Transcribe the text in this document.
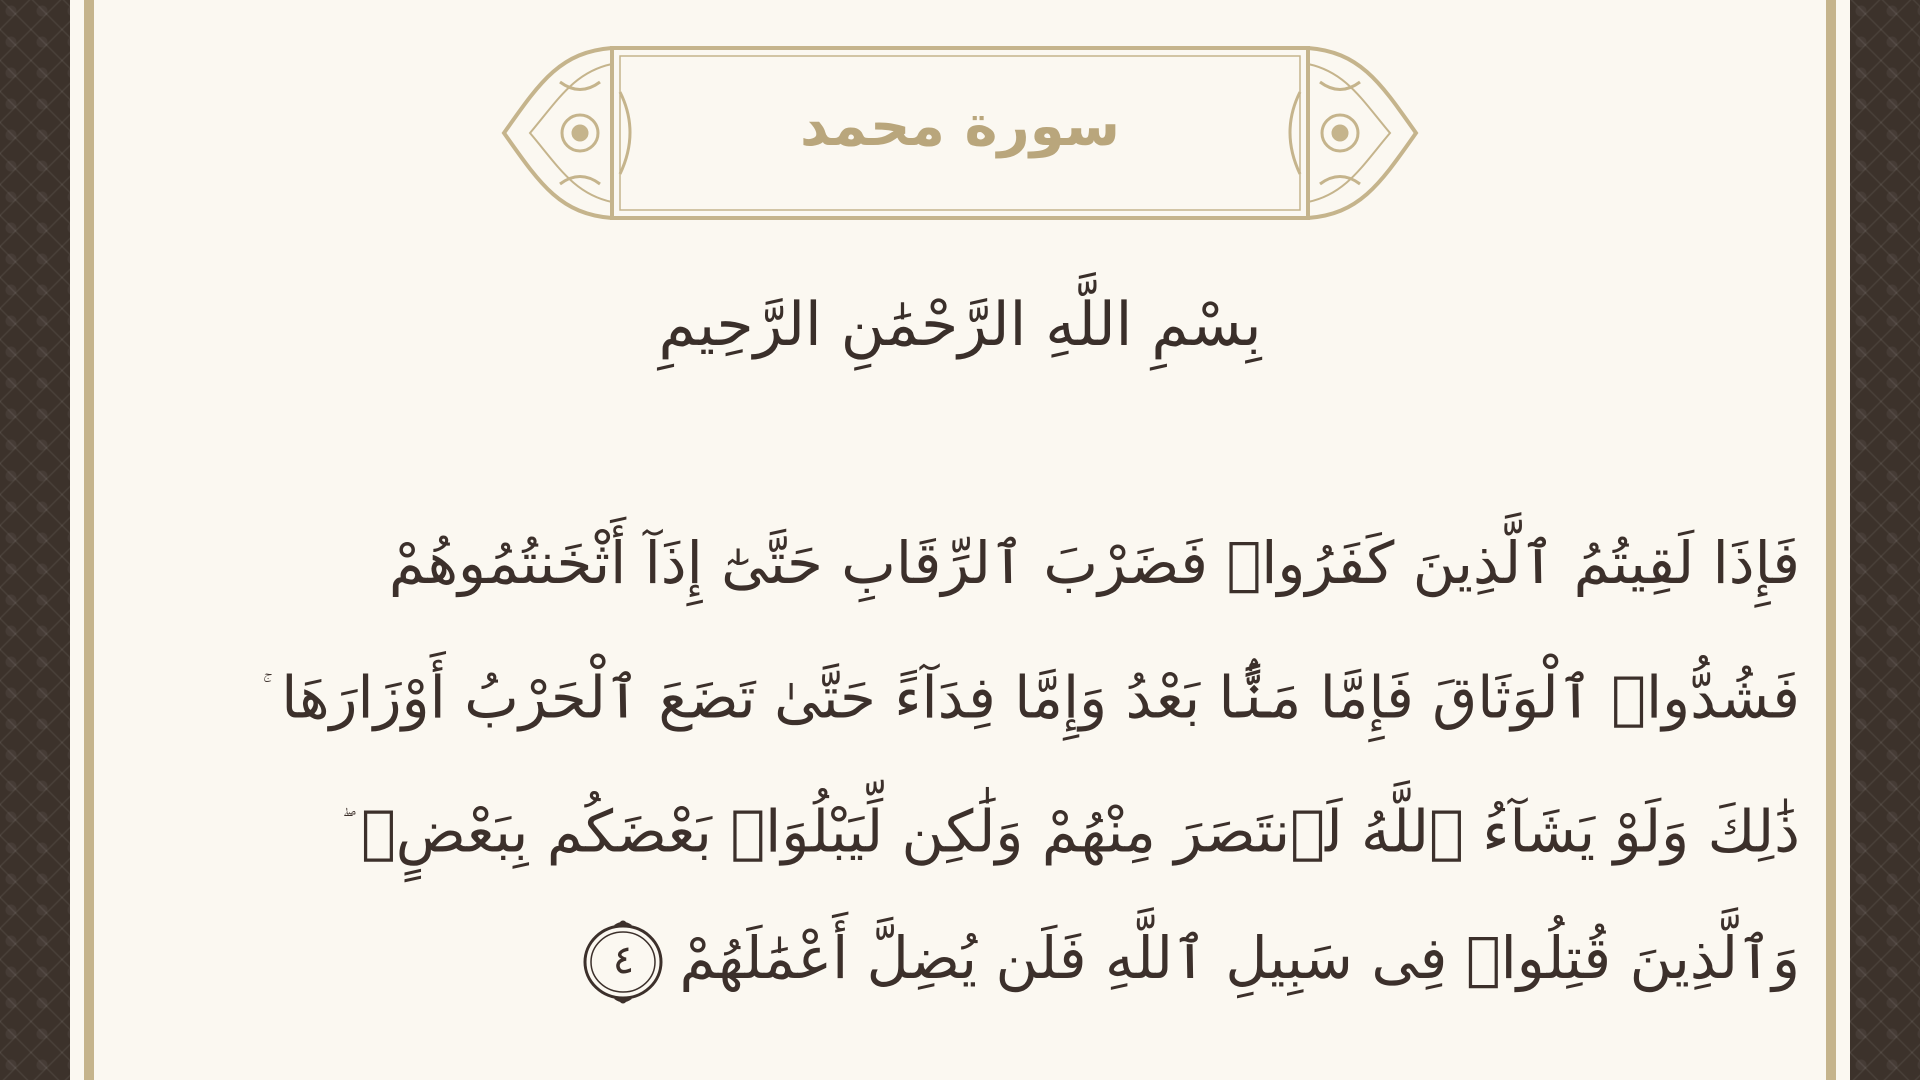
سورة محمد
بِسْمِ اللَّهِ الرَّحْمَٰنِ الرَّحِيمِ
فَإِذَا لَقِيتُمُ ٱلَّذِينَ كَفَرُوا۟ فَضَرْبَ ٱلرِّقَابِ حَتَّىٰٓ إِذَآ أَثْخَنتُمُوهُمْ
فَشُدُّوا۟ ٱلْوَثَاقَ فَإِمَّا مَنًّۢا بَعْدُ وَإِمَّا فِدَآءً حَتَّىٰ تَضَعَ ٱلْحَرْبُ أَوْزَارَهَا
ذَٰلِكَ وَلَوْ يَشَآءُ ٱللَّهُ لَٱنتَصَرَ مِنْهُمْ وَلَٰكِن لِّيَبْلُوَا۟ بَعْضَكُم بِبَعْضٍۗ
وَٱلَّذِينَ قُتِلُوا۟ فِى سَبِيلِ ٱللَّهِ فَلَن يُضِلَّ أَعْمَٰلَهُمْ
٤
